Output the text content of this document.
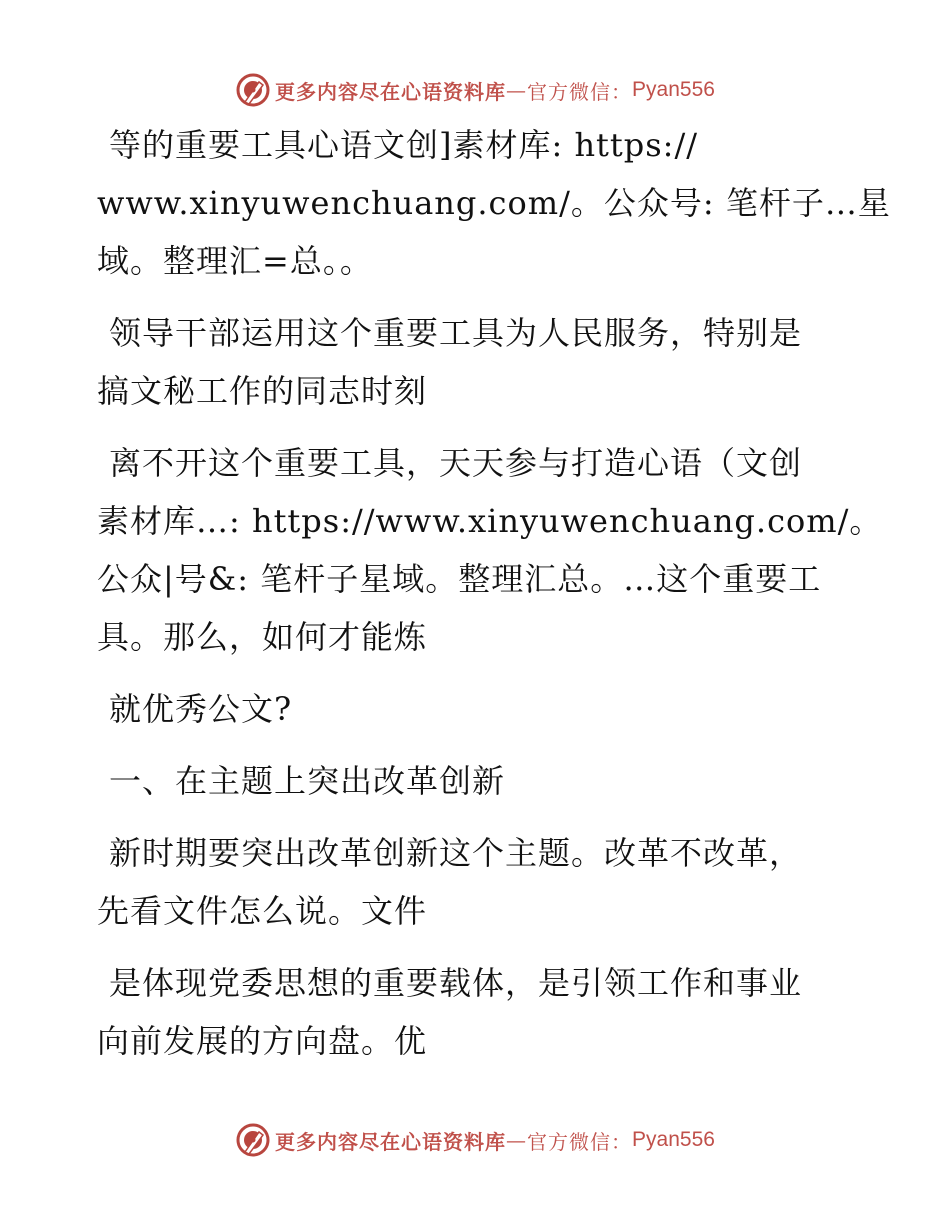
更多内容尽在心语资料库 — 官方微信： Pyan556

等的重要工具心语文创]素材库: https://
www.xinyuwenchuang.com/。公众号: 笔杆子…星
域。整理汇=总。。

领导干部运用这个重要工具为人民服务，特别是
搞文秘工作的同志时刻

离不开这个重要工具，天天参与打造心语（文创
素材库…: https://www.xinyuwenchuang.com/。
公众|号&: 笔杆子星域。整理汇总。…这个重要工
具。那么，如何才能炼

就优秀公文?

一、在主题上突出改革创新

新时期要突出改革创新这个主题。改革不改革，
先看文件怎么说。文件

是体现党委思想的重要载体，是引领工作和事业
向前发展的方向盘。优

更多内容尽在心语资料库 — 官方微信： Pyan556
